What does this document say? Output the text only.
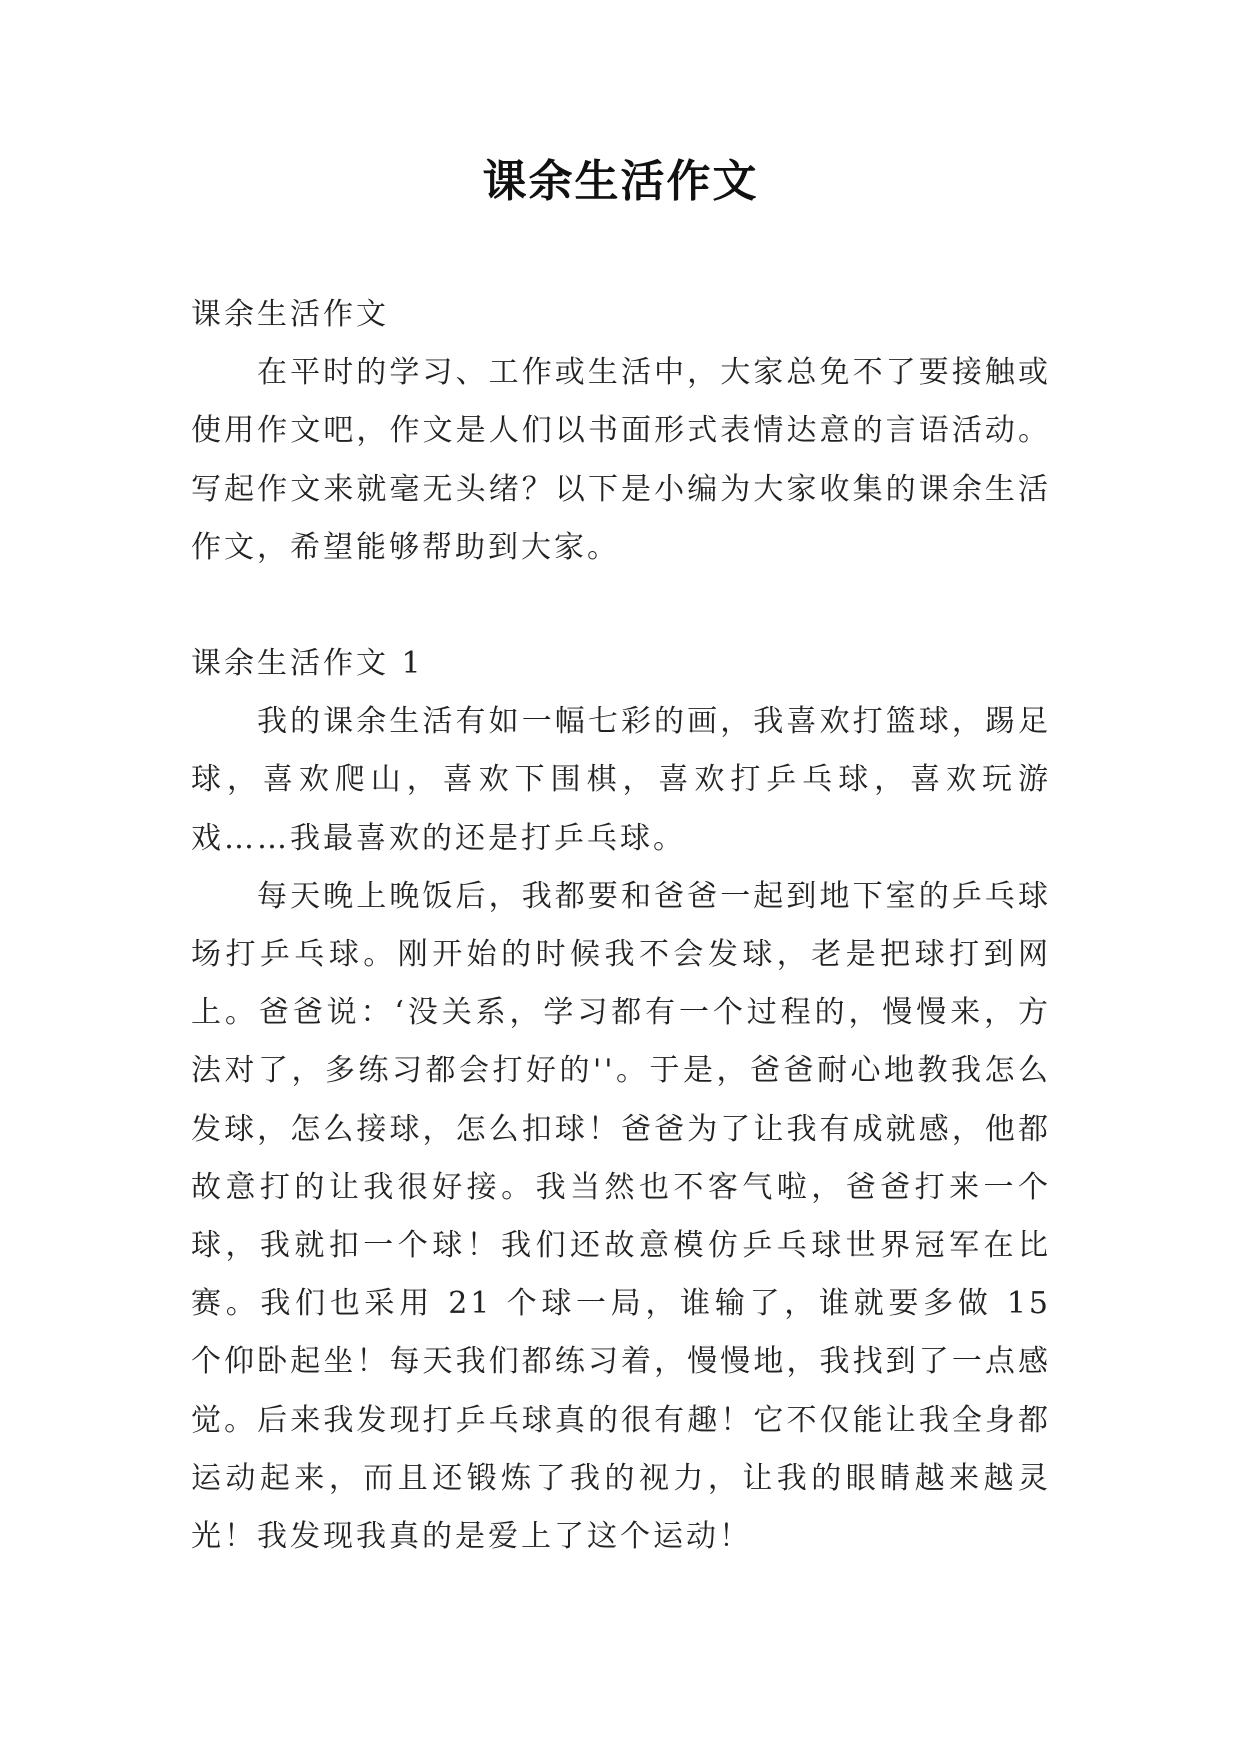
课余生活作文

课余生活作文

在平时的学习、工作或生活中，大家总免不了要接触或使用作文吧，作文是人们以书面形式表情达意的言语活动。写起作文来就毫无头绪？以下是小编为大家收集的课余生活作文，希望能够帮助到大家。

课余生活作文 1

我的课余生活有如一幅七彩的画，我喜欢打篮球，踢足球，喜欢爬山，喜欢下围棋，喜欢打乒乓球，喜欢玩游戏……我最喜欢的还是打乒乓球。

每天晚上晚饭后，我都要和爸爸一起到地下室的乒乓球场打乒乓球。刚开始的时候我不会发球，老是把球打到网上。爸爸说：‘没关系，学习都有一个过程的，慢慢来，方法对了，多练习都会打好的''。于是，爸爸耐心地教我怎么发球，怎么接球，怎么扣球！爸爸为了让我有成就感，他都故意打的让我很好接。我当然也不客气啦，爸爸打来一个球，我就扣一个球！我们还故意模仿乒乓球世界冠军在比赛。我们也采用 21 个球一局，谁输了，谁就要多做 15 个仰卧起坐！每天我们都练习着，慢慢地，我找到了一点感觉。后来我发现打乒乓球真的很有趣！它不仅能让我全身都运动起来，而且还锻炼了我的视力，让我的眼睛越来越灵光！我发现我真的是爱上了这个运动！
